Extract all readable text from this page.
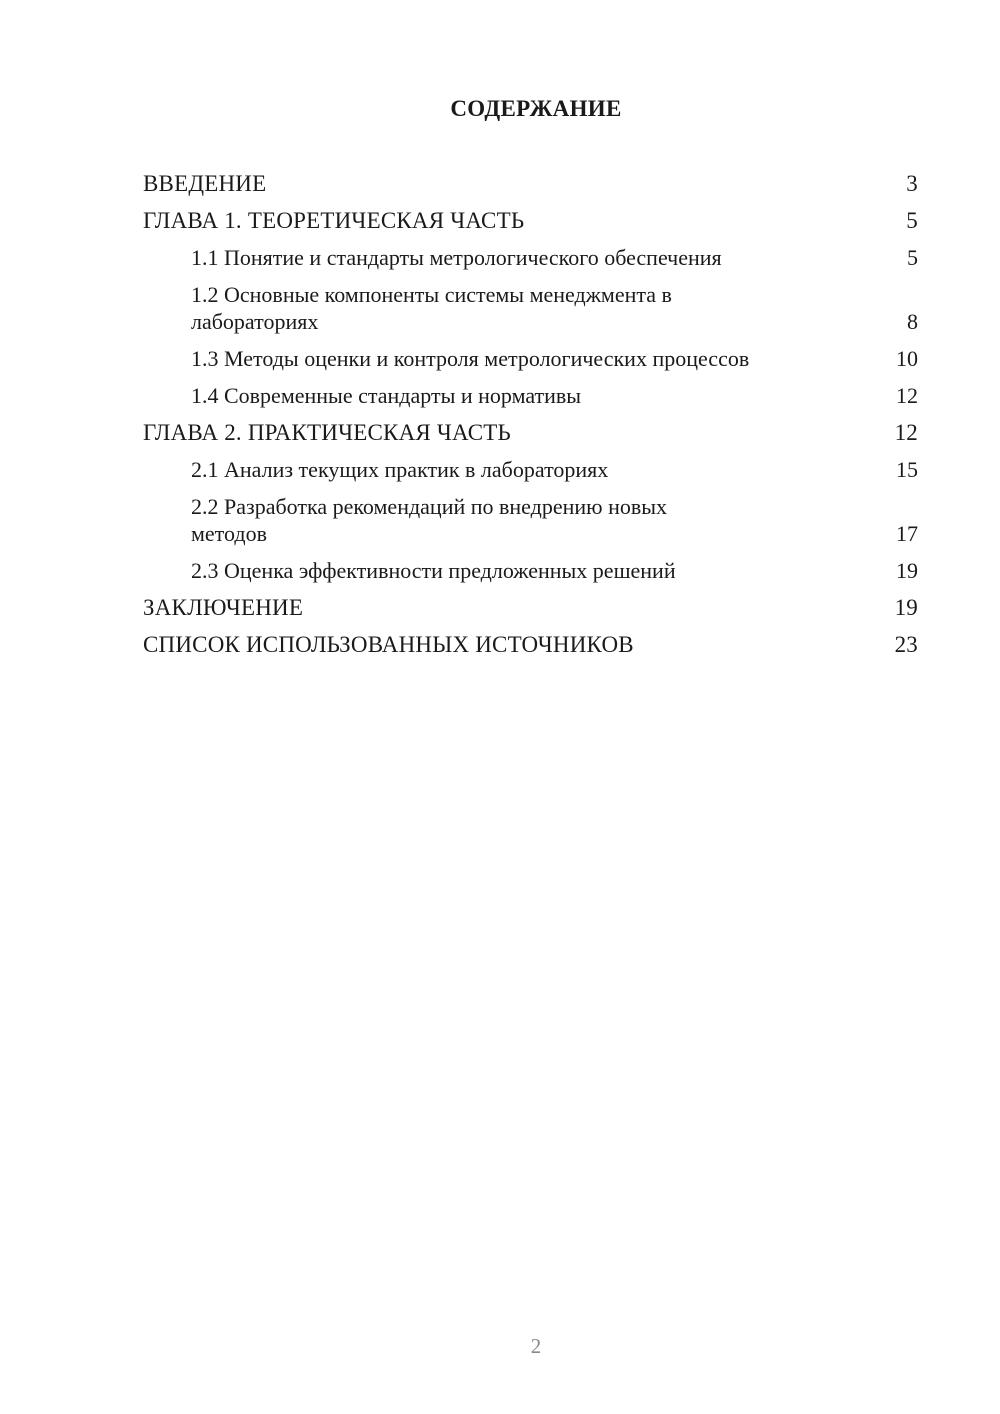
СОДЕРЖАНИЕ
ВВЕДЕНИЕ	3
ГЛАВА 1. ТЕОРЕТИЧЕСКАЯ ЧАСТЬ	5
1.1 Понятие и стандарты метрологического обеспечения	5
1.2 Основные компоненты системы менеджмента в лабораториях	8
1.3 Методы оценки и контроля метрологических процессов	10
1.4 Современные стандарты и нормативы	12
ГЛАВА 2. ПРАКТИЧЕСКАЯ ЧАСТЬ	12
2.1 Анализ текущих практик в лабораториях	15
2.2 Разработка рекомендаций по внедрению новых методов	17
2.3 Оценка эффективности предложенных решений	19
ЗАКЛЮЧЕНИЕ	19
СПИСОК ИСПОЛЬЗОВАННЫХ ИСТОЧНИКОВ	23
2
